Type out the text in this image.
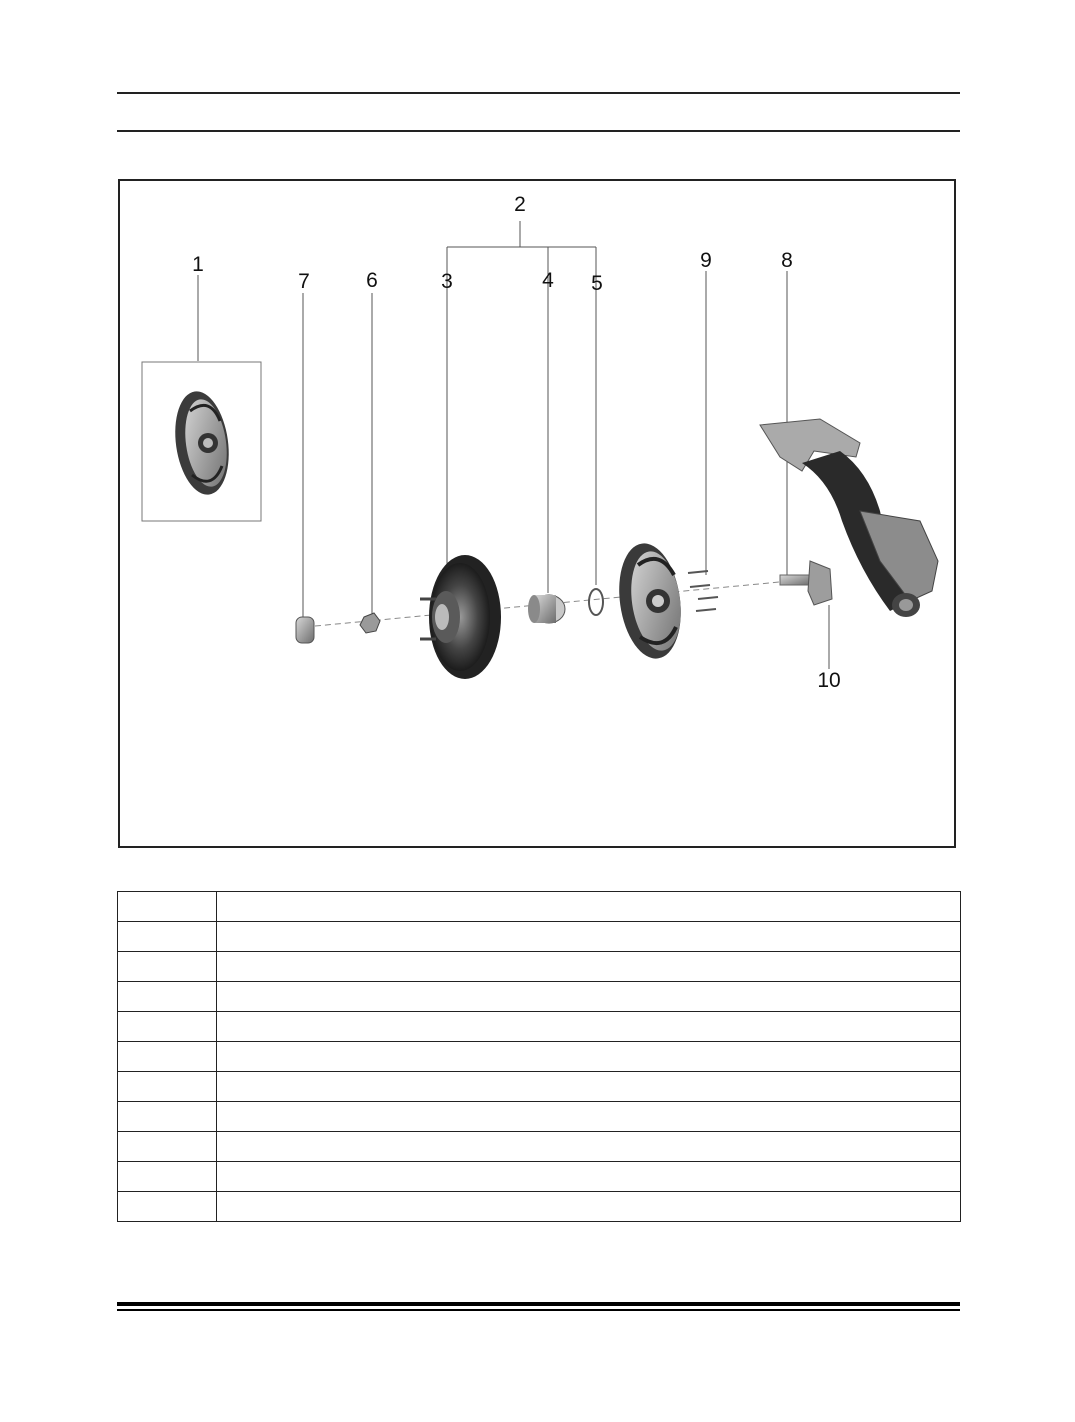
1
2
3	4 5
6
7
8
9
10
